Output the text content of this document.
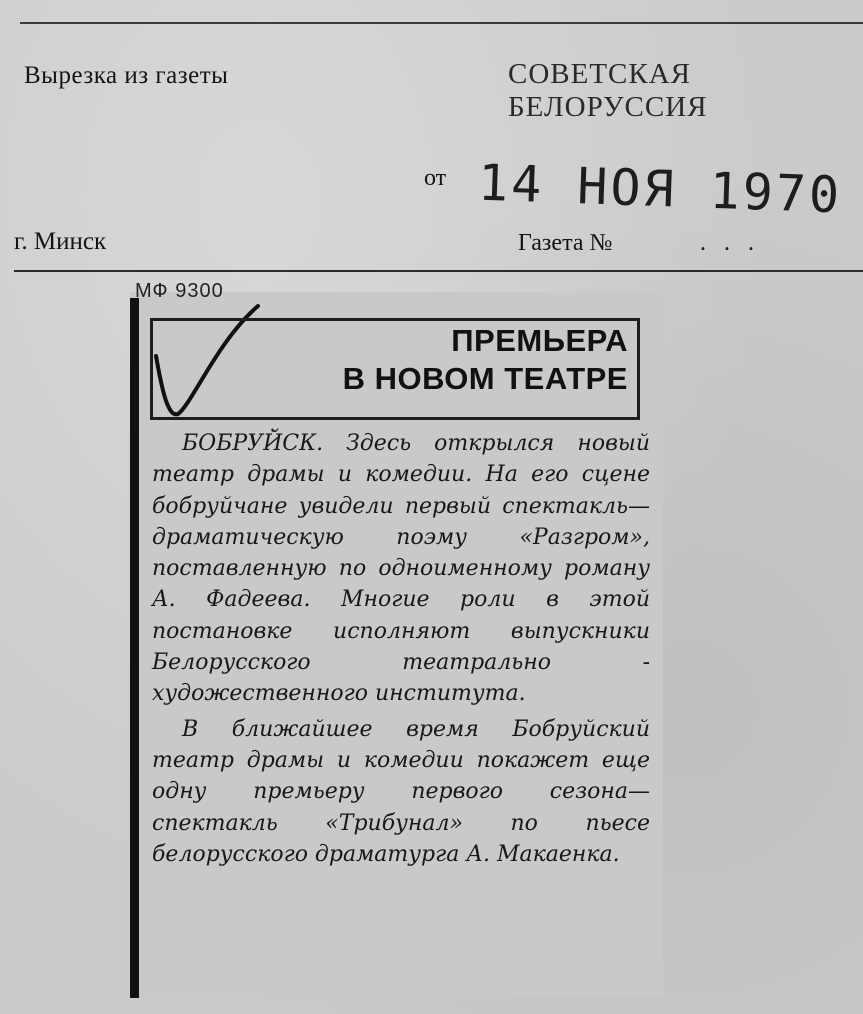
Вырезка из газеты	СОВЕТСКАЯ
БЕЛОРУССИЯ
от 14 НОЯ 1970
г. Минск	Газета №	. . .
МФ 9300
ПРЕМЬЕРА
В НОВОМ ТЕАТРЕ

БОБРУЙСК. Здесь открылся новый театр драмы и комедии. На его сцене бобруйчане увидели первый спектакль—драматическую поэму «Разгром», поставленную по одноименному роману А. Фадеева. Многие роли в этой постановке исполняют выпускники Белорусского театрально - художественного института.

В ближайшее время Бобруйский театр драмы и комедии покажет еще одну премьеру первого сезона—спектакль «Трибунал» по пьесе белорусского драматурга А. Макаенка.
